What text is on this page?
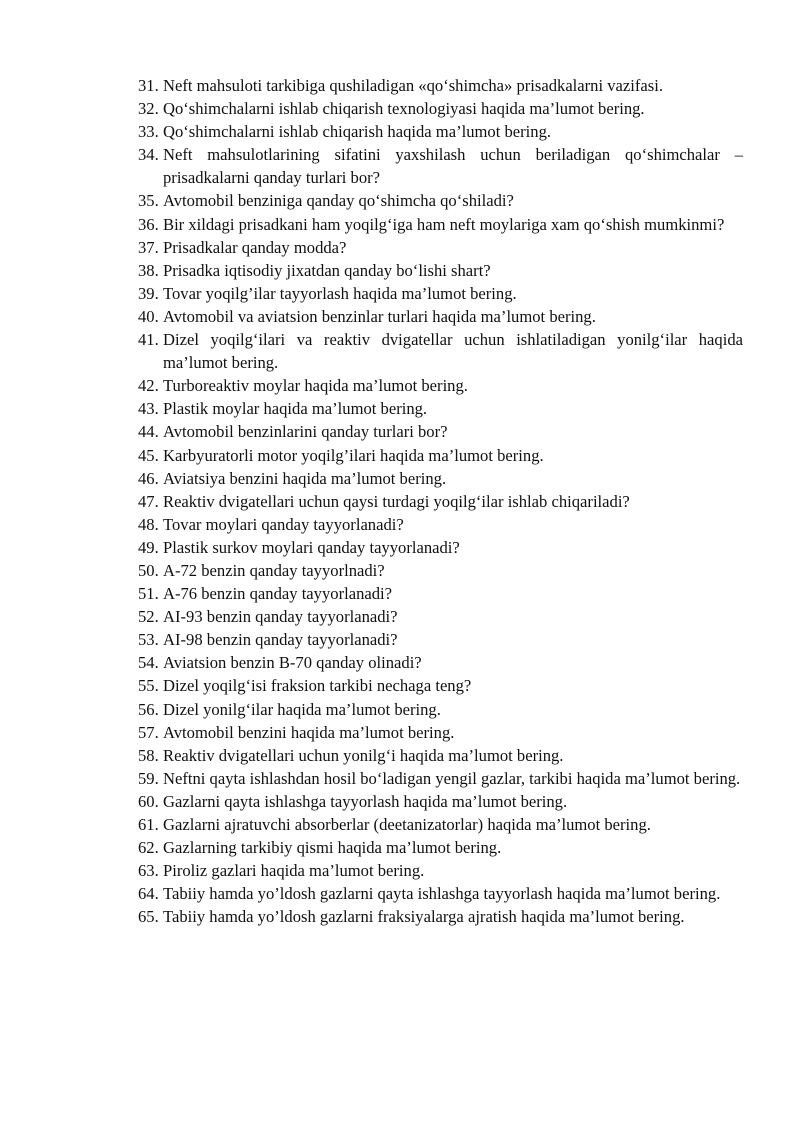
31. Neft mahsuloti tarkibiga qushiladigan «qo‘shimcha» prisadkalarni vazifasi.
32. Qo‘shimchalarni ishlab chiqarish texnologiyasi haqida ma’lumot bering.
33. Qo‘shimchalarni ishlab chiqarish haqida ma’lumot bering.
34. Neft mahsulotlarining sifatini yaxshilash uchun beriladigan qo‘shimchalar – prisadkalarni qanday turlari bor?
35. Avtomobil benziniga qanday qo‘shimcha qo‘shiladi?
36. Bir xildagi prisadkani ham yoqilg‘iga ham neft moylariga xam qo‘shish mumkinmi?
37. Prisadkalar qanday modda?
38. Prisadka iqtisodiy jixatdan qanday bo‘lishi shart?
39. Tovar yoqilg’ilar tayyorlash haqida ma’lumot bering.
40. Avtomobil va aviatsion benzinlar turlari haqida ma’lumot bering.
41. Dizel yoqilg‘ilari va reaktiv dvigatellar uchun ishlatiladigan yonilg‘ilar haqida ma’lumot bering.
42. Turboreaktiv moylar haqida ma’lumot bering.
43. Plastik moylar haqida ma’lumot bering.
44. Avtomobil benzinlarini qanday turlari bor?
45. Karbyuratorli motor yoqilg’ilari haqida ma’lumot bering.
46. Aviatsiya benzini haqida ma’lumot bering.
47. Reaktiv dvigatellari uchun qaysi turdagi yoqilg‘ilar ishlab chiqariladi?
48. Tovar moylari qanday tayyorlanadi?
49. Plastik surkov moylari qanday tayyorlanadi?
50. A-72 benzin qanday tayyorlnadi?
51. A-76 benzin qanday tayyorlanadi?
52. AI-93 benzin qanday tayyorlanadi?
53. AI-98 benzin qanday tayyorlanadi?
54. Aviatsion benzin B-70 qanday olinadi?
55. Dizel yoqilg‘isi fraksion tarkibi nechaga teng?
56. Dizel yonilg‘ilar haqida ma’lumot bering.
57. Avtomobil benzini haqida ma’lumot bering.
58. Reaktiv dvigatellari uchun yonilg‘i haqida ma’lumot bering.
59. Neftni qayta ishlashdan hosil bo‘ladigan yengil gazlar, tarkibi haqida ma’lumot bering.
60. Gazlarni qayta ishlashga tayyorlash haqida ma’lumot bering.
61. Gazlarni ajratuvchi absorberlar (deetanizatorlar) haqida ma’lumot bering.
62. Gazlarning tarkibiy qismi haqida ma’lumot bering.
63. Piroliz gazlari haqida ma’lumot bering.
64. Tabiiy hamda yo’ldosh gazlarni qayta ishlashga tayyorlash haqida ma’lumot bering.
65. Tabiiy hamda yo’ldosh gazlarni fraksiyalarga ajratish haqida ma’lumot bering.
